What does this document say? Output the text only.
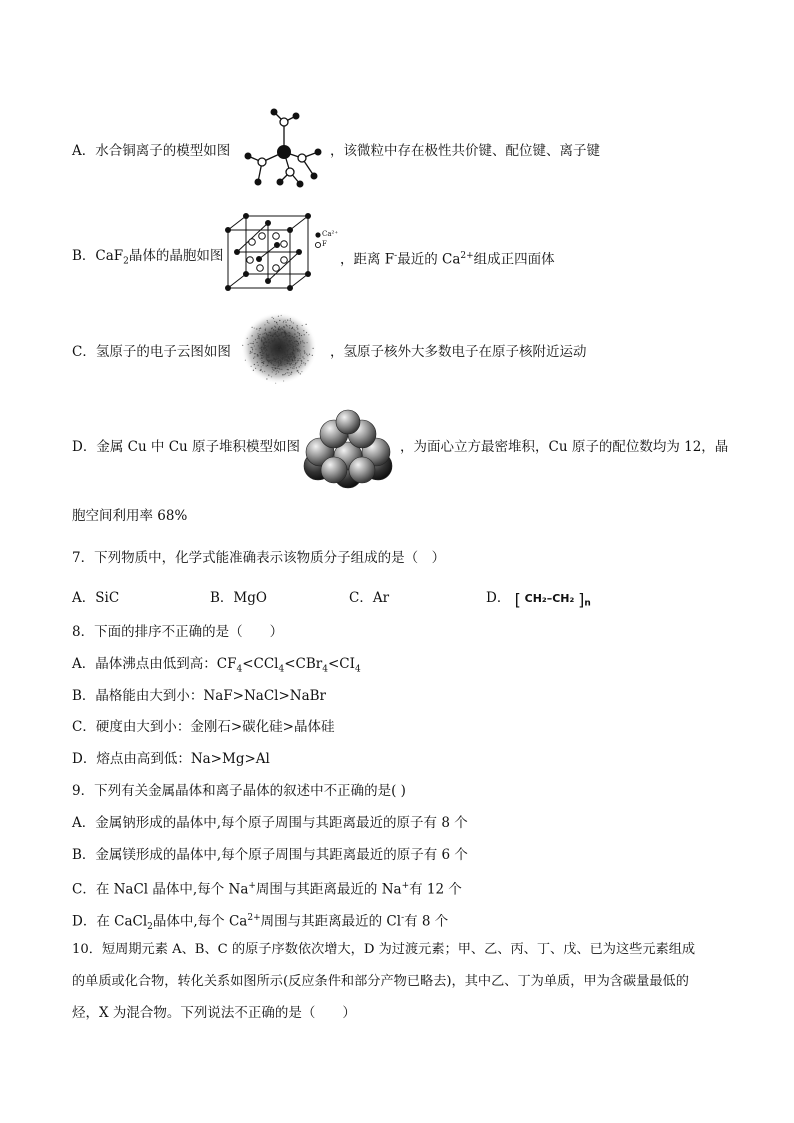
A．水合铜离子的模型如图	，该微粒中存在极性共价键、配位键、离子键
B．CaF$_2$晶体的晶胞如图
Ca²⁺
F
，距离 F-最近的 $Ca^{2+}$组成正四面体
C．氢原子的电子云图如图	，氢原子核外大多数电子在原子核附近运动
D．金属 Cu 中 Cu 原子堆积模型如图	，为面心立方最密堆积，Cu 原子的配位数均为 12，晶
胞空间利用率 68%
7．下列物质中，化学式能准确表示该物质分子组成的是（　）
A．SiC	B．MgO	C．Ar	D． [ CH₂–CH₂ ] $_n$
8．下面的排序不正确的是（　　）
A．晶体沸点由低到高：$CF_4<CCl_4<CBr_4<CI_4$
B．晶格能由大到小：NaF>NaCl>NaBr
C．硬度由大到小：金刚石>碳化硅>晶体硅
D．熔点由高到低：Na>Mg>Al
9．下列有关金属晶体和离子晶体的叙述中不正确的是( )
A．金属钠形成的晶体中,每个原子周围与其距离最近的原子有 8 个
B．金属镁形成的晶体中,每个原子周围与其距离最近的原子有 6 个
C．在 NaCl 晶体中,每个 Na+周围与其距离最近的 Na+有 12 个
D．在 CaCl$_2$晶体中,每个 $Ca^{2+}$周围与其距离最近的 Cl-有 8 个
10．短周期元素 A、B、C 的原子序数依次增大，D 为过渡元素；甲、乙、丙、丁、戊、已为这些元素组成
的单质或化合物，转化关系如图所示(反应条件和部分产物已略去)，其中乙、丁为单质，甲为含碳量最低的
烃，X 为混合物。下列说法不正确的是（　　）
